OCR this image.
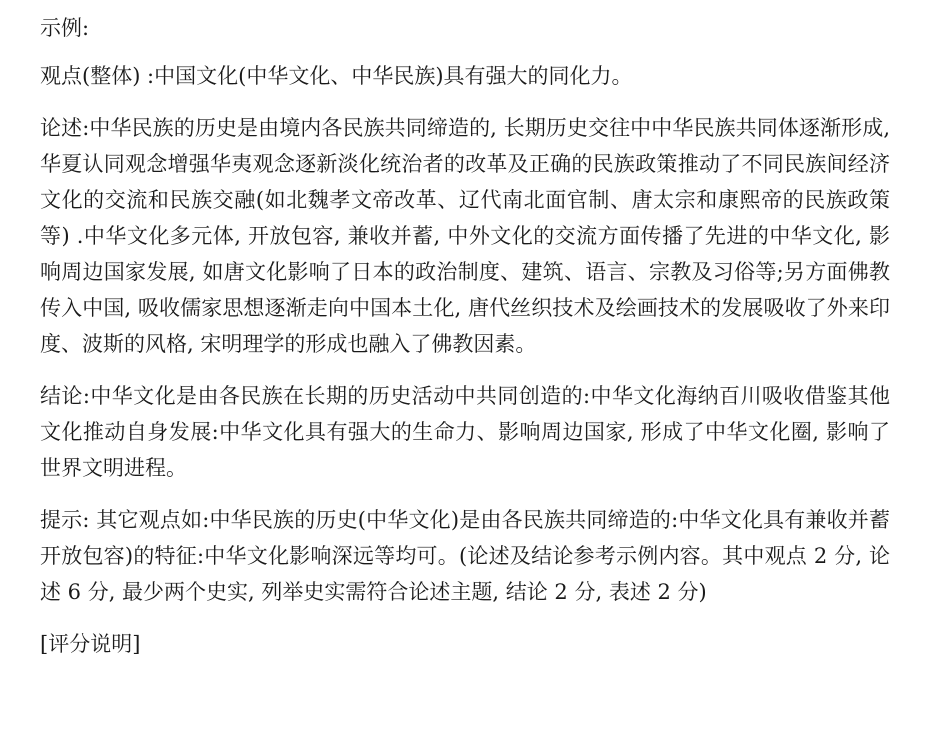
示例:

观点(整体) :中国文化(中华文化、中华民族)具有强大的同化力。

论述:中华民族的历史是由境内各民族共同缔造的, 长期历史交往中中华民族共同体逐渐形成, 华夏认同观念增强华夷观念逐新淡化统治者的改革及正确的民族政策推动了不同民族间经济文化的交流和民族交融(如北魏孝文帝改革、辽代南北面官制、唐太宗和康熙帝的民族政策 等) .中华文化多元体, 开放包容, 兼收并蓄, 中外文化的交流方面传播了先进的中华文化, 影响周边国家发展, 如唐文化影响了日本的政治制度、建筑、语言、宗教及习俗等;另方面佛教传入中国, 吸收儒家思想逐渐走向中国本土化, 唐代丝织技术及绘画技术的发展吸收了外来印度、波斯的风格, 宋明理学的形成也融入了佛教因素。

结论:中华文化是由各民族在长期的历史活动中共同创造的:中华文化海纳百川吸收借鉴其他文化推动自身发展:中华文化具有强大的生命力、影响周边国家, 形成了中华文化圈, 影响了世界文明进程。

提示: 其它观点如:中华民族的历史(中华文化)是由各民族共同缔造的:中华文化具有兼收并蓄开放包容)的特征:中华文化影响深远等均可。(论述及结论参考示例内容。其中观点 2 分, 论述 6 分, 最少两个史实, 列举史实需符合论述主题, 结论 2 分, 表述 2 分)

[评分说明]
